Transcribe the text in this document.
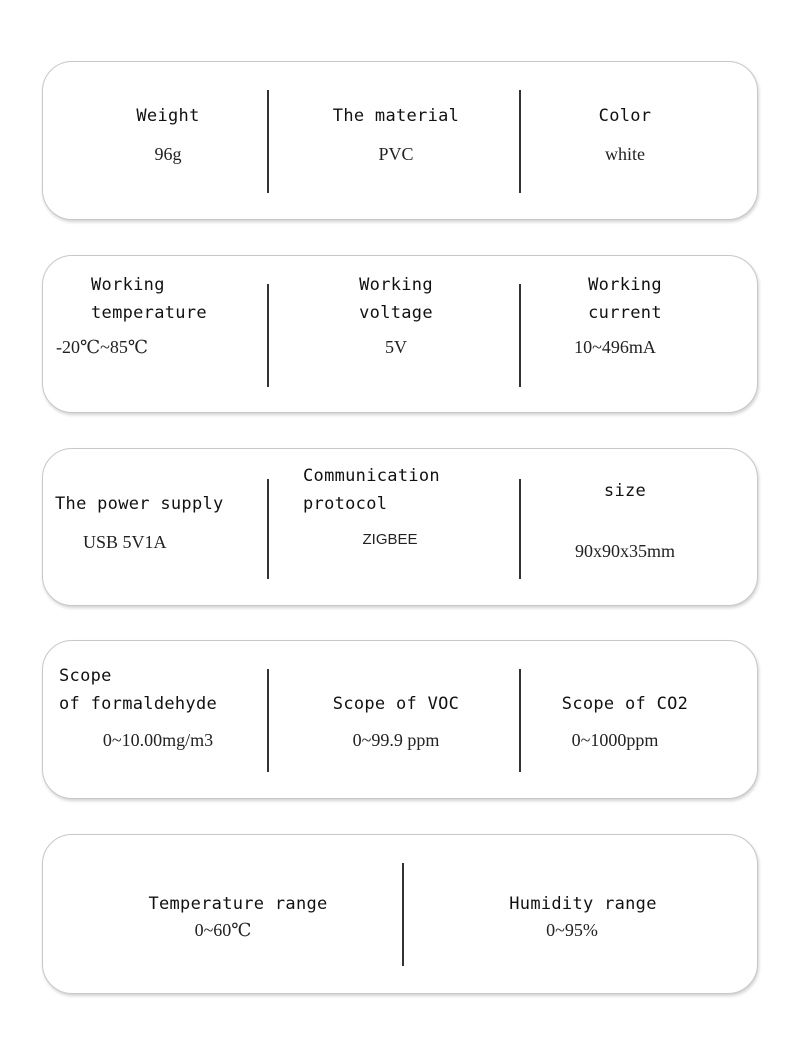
Weight
96g
The material
PVC
Color
white
Working
temperature
-20℃~85℃
Working
voltage
5V
Working
current
10~496mA
The power supply
USB 5V1A
Communication
protocol
ZIGBEE
size
90x90x35mm
Scope
of formaldehyde
0~10.00mg/m3
Scope of VOC
0~99.9 ppm
Scope of CO2
0~1000ppm
Temperature range
0~60℃
Humidity range
0~95%
